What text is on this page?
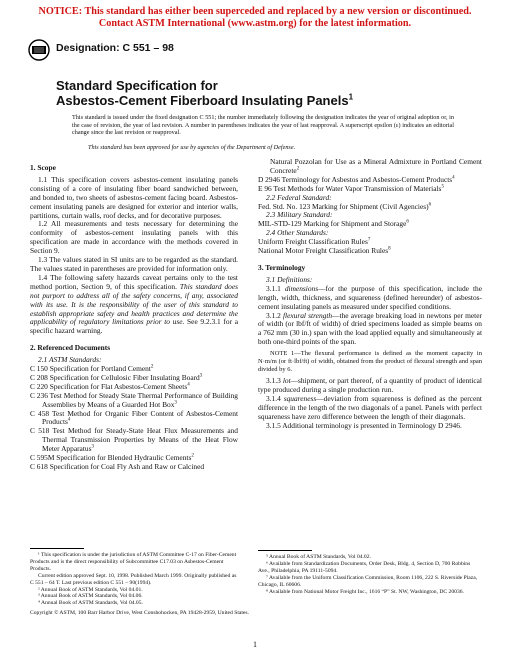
NOTICE: This standard has either been superceded and replaced by a new version or discontinued.
Contact ASTM International (www.astm.org) for the latest information.
Designation: C 551 – 98
Standard Specification for
Asbestos-Cement Fiberboard Insulating Panels$^1$
This standard is issued under the fixed designation C 551; the number immediately following the designation indicates the year of original adoption or, in the case of revision, the year of last revision. A number in parentheses indicates the year of last reapproval. A superscript epsilon (ε) indicates an editorial change since the last revision or reapproval.
This standard has been approved for use by agencies of the Department of Defense.
1. Scope

1.1 This specification covers asbestos-cement insulating panels consisting of a core of insulating fiber board sandwiched between, and bonded to, two sheets of asbestos-cement facing board. Asbestos-cement insulating panels are designed for exterior and interior walls, partitions, curtain walls, roof decks, and for decorative purposes.

1.2 All measurements and tests necessary for determining the conformity of asbestos-cement insulating panels with this specification are made in accordance with the methods covered in Section 9.

1.3 The values stated in SI units are to be regarded as the standard. The values stated in parentheses are provided for information only.

1.4 The following safety hazards caveat pertains only to the test method portion, Section 9, of this specification. This standard does not purport to address all of the safety concerns, if any, associated with its use. It is the responsibility of the user of this standard to establish appropriate safety and health practices and determine the applicability of regulatory limitations prior to use. See 9.2.3.1 for a specific hazard warning.

2. Referenced Documents

2.1 ASTM Standards:

C 150 Specification for Portland Cement$^2$

C 208 Specification for Cellulosic Fiber Insulating Board$^3$

C 220 Specification for Flat Asbestos-Cement Sheets$^4$

C 236 Test Method for Steady State Thermal Performance of Building Assemblies by Means of a Guarded Hot Box$^3$

C 458 Test Method for Organic Fiber Content of Asbestos-Cement Products$^4$

C 518 Test Method for Steady-State Heat Flux Measurements and Thermal Transmission Properties by Means of the Heat Flow Meter Apparatus$^3$

C 595M Specification for Blended Hydraulic Cements$^2$

C 618 Specification for Coal Fly Ash and Raw or Calcined

¹ This specification is under the jurisdiction of ASTM Committee C-17 on Fiber-Cement Products and is the direct responsibility of Subcommittee C17.03 on Asbestos-Cement Products.

Current edition approved Sept. 10, 1998. Published March 1999. Originally published as C 551 – 64 T. Last previous edition C 551 – 90(1994).

² Annual Book of ASTM Standards, Vol 04.01.

³ Annual Book of ASTM Standards, Vol 04.06.

⁴ Annual Book of ASTM Standards, Vol 04.05.

Natural Pozzolan for Use as a Mineral Admixture in Portland Cement Concrete$^2$

D 2946 Terminology for Asbestos and Asbestos-Cement Products$^4$

E 96 Test Methods for Water Vapor Transmission of Materials$^5$

2.2 Federal Standard:

Fed. Std. No. 123 Marking for Shipment (Civil Agencies)$^6$

2.3 Military Standard:

MIL-STD-129 Marking for Shipment and Storage$^6$

2.4 Other Standards:

Uniform Freight Classification Rules$^7$

National Motor Freight Classification Rules$^8$

3. Terminology

3.1 Definitions:

3.1.1 dimensions—for the purpose of this specification, include the length, width, thickness, and squareness (defined hereunder) of asbestos-cement insulating panels as measured under specified conditions.

3.1.2 flexural strength—the average breaking load in newtons per meter of width (or lbf/ft of width) of dried specimens loaded as simple beams on a 762 mm (30 in.) span with the load applied equally and simultaneously at both one-third points of the span.

NOTE 1—The flexural performance is defined as the moment capacity in N·m/m (or ft·lbf/ft) of width, obtained from the product of flexural strength and span divided by 6.

3.1.3 lot—shipment, or part thereof, of a quantity of product of identical type produced during a single production run.

3.1.4 squareness—deviation from squareness is defined as the percent difference in the length of the two diagonals of a panel. Panels with perfect squareness have zero difference between the length of their diagonals.

3.1.5 Additional terminology is presented in Terminology D 2946.

⁵ Annual Book of ASTM Standards, Vol 04.02.

⁶ Available from Standardization Documents, Order Desk, Bldg. 4, Section D, 700 Robbins Ave., Philadelphia, PA 19111-5094.

⁷ Available from the Uniform Classification Commission, Room 1106, 222 S. Riverside Plaza, Chicago, IL 60606.

⁸ Available from National Motor Freight Inc., 1616 “P” St. NW, Washington, DC 20036.

Copyright © ASTM, 100 Barr Harbor Drive, West Conshohocken, PA 19428-2959, United States.
1
